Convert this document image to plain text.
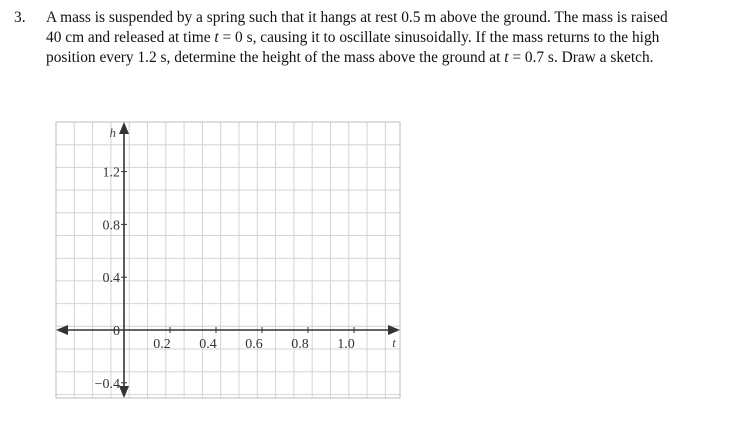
3. A mass is suspended by a spring such that it hangs at rest 0.5 m above the ground. The mass is raised
40 cm and released at time t = 0 s, causing it to oscillate sinusoidally. If the mass returns to the high
position every 1.2 s, determine the height of the mass above the ground at t = 0.7 s. Draw a sketch.
1.2
0.8
0.4
0
−0.4
0.2 0.4 0.6 0.8 1.0
h
t
